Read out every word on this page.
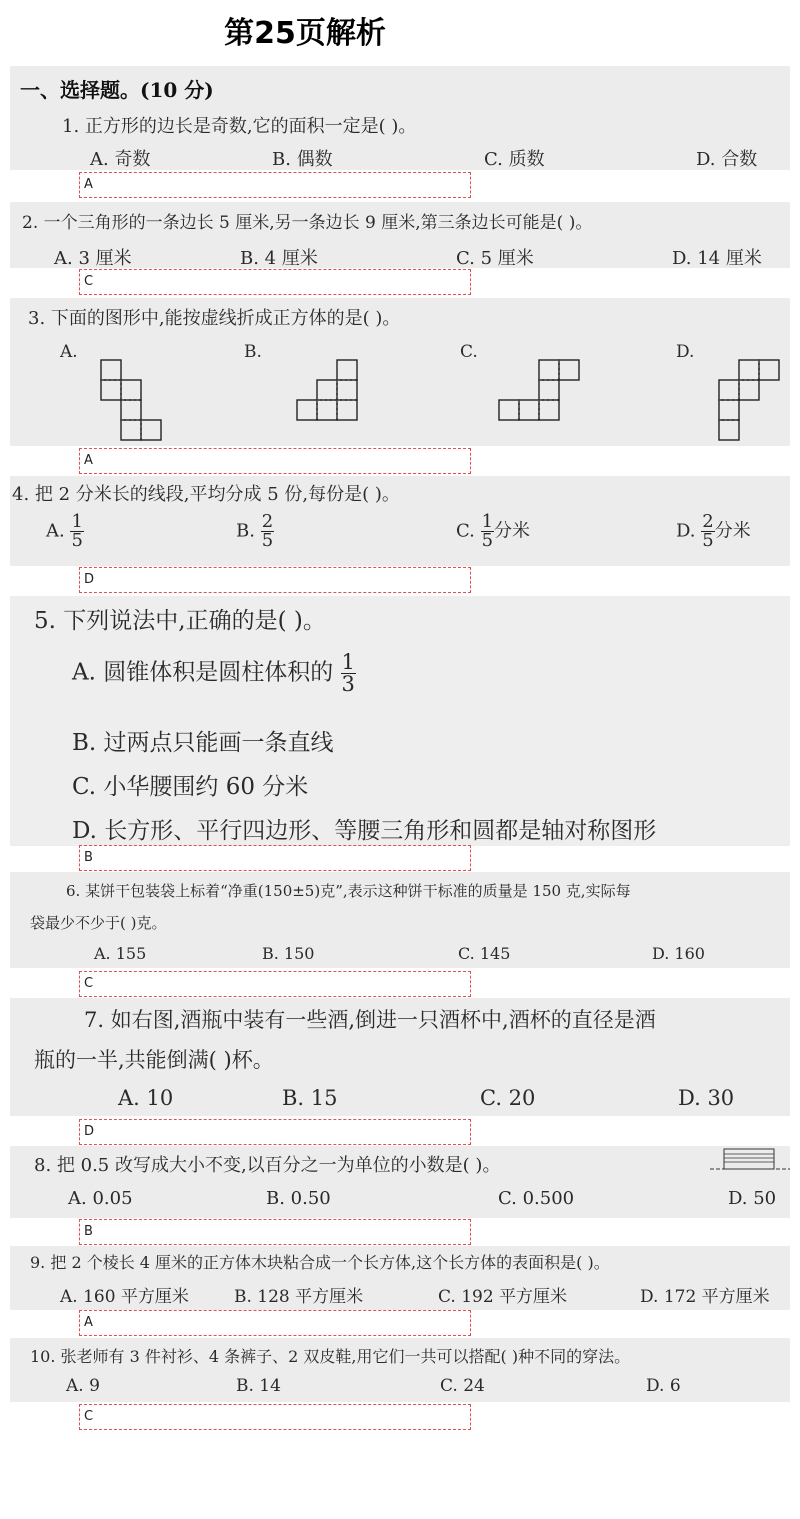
第25页解析
一、选择题。(10 分)
1. 正方形的边长是奇数,它的面积一定是( )。
A. 奇数	B. 偶数	C. 质数	D. 合数
A
2. 一个三角形的一条边长 5 厘米,另一条边长 9 厘米,第三条边长可能是( )。
A. 3 厘米	B. 4 厘米	C. 5 厘米	D. 14 厘米
C
3. 下面的图形中,能按虚线折成正方体的是( )。
A.	B.	C.	D.
A
4. 把 2 分米长的线段,平均分成 5 份,每份是( )。
A. $\frac{1}{5}$	B. $\frac{2}{5}$	C. $\frac{1}{5}$ 分米	D. $\frac{2}{5}$ 分米
D
5. 下列说法中,正确的是( )。
A. 圆锥体积是圆柱体积的 $\frac{1}{3}$
B. 过两点只能画一条直线
C. 小华腰围约 60 分米
D. 长方形、平行四边形、等腰三角形和圆都是轴对称图形
B
6. 某饼干包装袋上标着“净重(150±5)克”,表示这种饼干标准的质量是 150 克,实际每
袋最少不少于( )克。
A. 155	B. 150	C. 145	D. 160
C
7. 如右图,酒瓶中装有一些酒,倒进一只酒杯中,酒杯的直径是酒
瓶的一半,共能倒满( )杯。
A. 10	B. 15	C. 20	D. 30
D
8. 把 0.5 改写成大小不变,以百分之一为单位的小数是( )。
A. 0.05	B. 0.50	C. 0.500	D. 50
B
9. 把 2 个棱长 4 厘米的正方体木块粘合成一个长方体,这个长方体的表面积是( )。
A. 160 平方厘米	B. 128 平方厘米	C. 192 平方厘米	D. 172 平方厘米
A
10. 张老师有 3 件衬衫、4 条裤子、2 双皮鞋,用它们一共可以搭配( )种不同的穿法。
A. 9	B. 14	C. 24	D. 6
C
